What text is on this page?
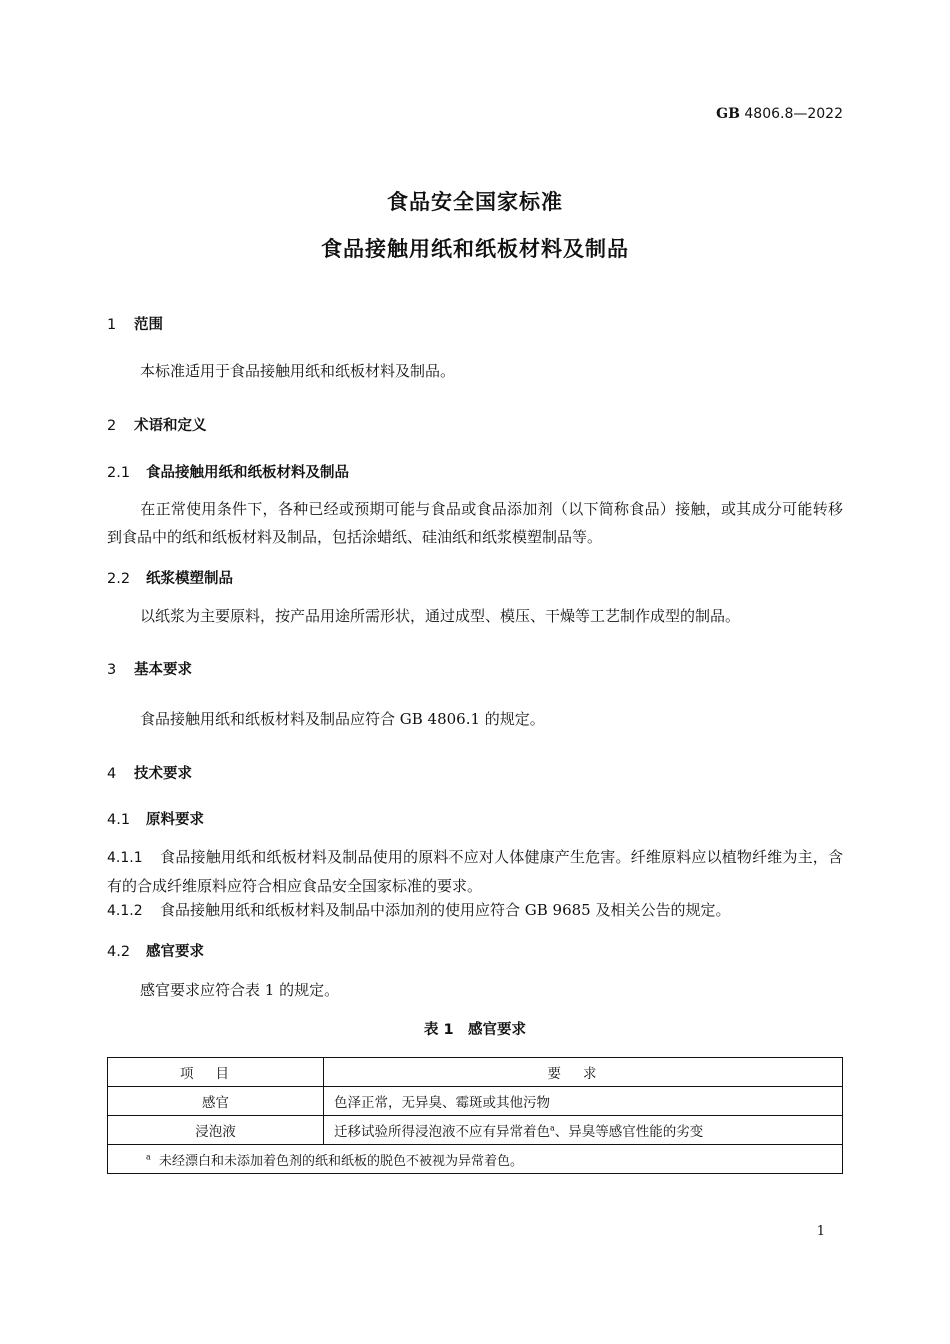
GB 4806.8—2022
食品安全国家标准
食品接触用纸和纸板材料及制品
1 范围
本标准适用于食品接触用纸和纸板材料及制品。
2 术语和定义
2.1 食品接触用纸和纸板材料及制品
在正常使用条件下，各种已经或预期可能与食品或食品添加剂（以下简称食品）接触，或其成分可能转移到食品中的纸和纸板材料及制品，包括涂蜡纸、硅油纸和纸浆模塑制品等。
2.2 纸浆模塑制品
以纸浆为主要原料，按产品用途所需形状，通过成型、模压、干燥等工艺制作成型的制品。
3 基本要求
食品接触用纸和纸板材料及制品应符合 GB 4806.1 的规定。
4 技术要求
4.1 原料要求
4.1.1 食品接触用纸和纸板材料及制品使用的原料不应对人体健康产生危害。纤维原料应以植物纤维为主，含有的合成纤维原料应符合相应食品安全国家标准的要求。
4.1.2 食品接触用纸和纸板材料及制品中添加剂的使用应符合 GB 9685 及相关公告的规定。
4.2 感官要求
感官要求应符合表 1 的规定。
表 1　感官要求
项目	要求
感官	色泽正常，无异臭、霉斑或其他污物
浸泡液	迁移试验所得浸泡液不应有异常着色$^a$、异臭等感官性能的劣变
$^a$ 未经漂白和未添加着色剂的纸和纸板的脱色不被视为异常着色。	
1
